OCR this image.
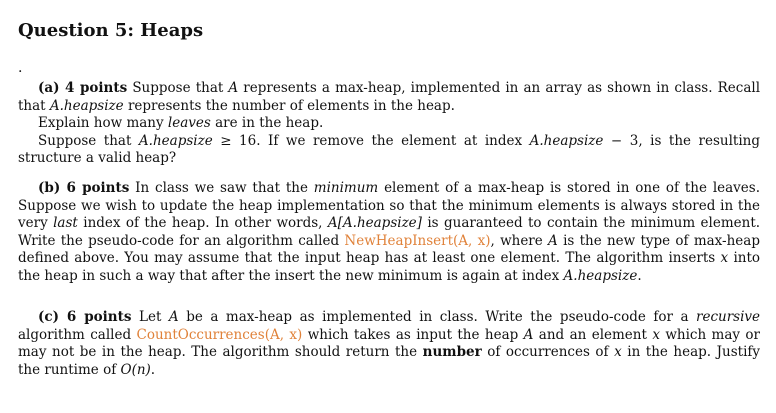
Question 5: Heaps
.
(a) 4 points Suppose that A represents a max-heap, implemented in an array as shown in class. Recall that A.heapsize represents the number of elements in the heap.
Explain how many leaves are in the heap.
Suppose that A.heapsize ≥ 16. If we remove the element at index A.heapsize − 3, is the resulting structure a valid heap?
(b) 6 points In class we saw that the minimum element of a max-heap is stored in one of the leaves. Suppose we wish to update the heap implementation so that the minimum elements is always stored in the very last index of the heap. In other words, A[A.heapsize] is guaranteed to contain the minimum element. Write the pseudo-code for an algorithm called NewHeapInsert(A, x), where A is the new type of max-heap defined above. You may assume that the input heap has at least one element. The algorithm inserts x into the heap in such a way that after the insert the new minimum is again at index A.heapsize.
(c) 6 points Let A be a max-heap as implemented in class. Write the pseudo-code for a recursive algorithm called CountOccurrences(A, x) which takes as input the heap A and an element x which may or may not be in the heap. The algorithm should return the number of occurrences of x in the heap. Justify the runtime of O(n).
